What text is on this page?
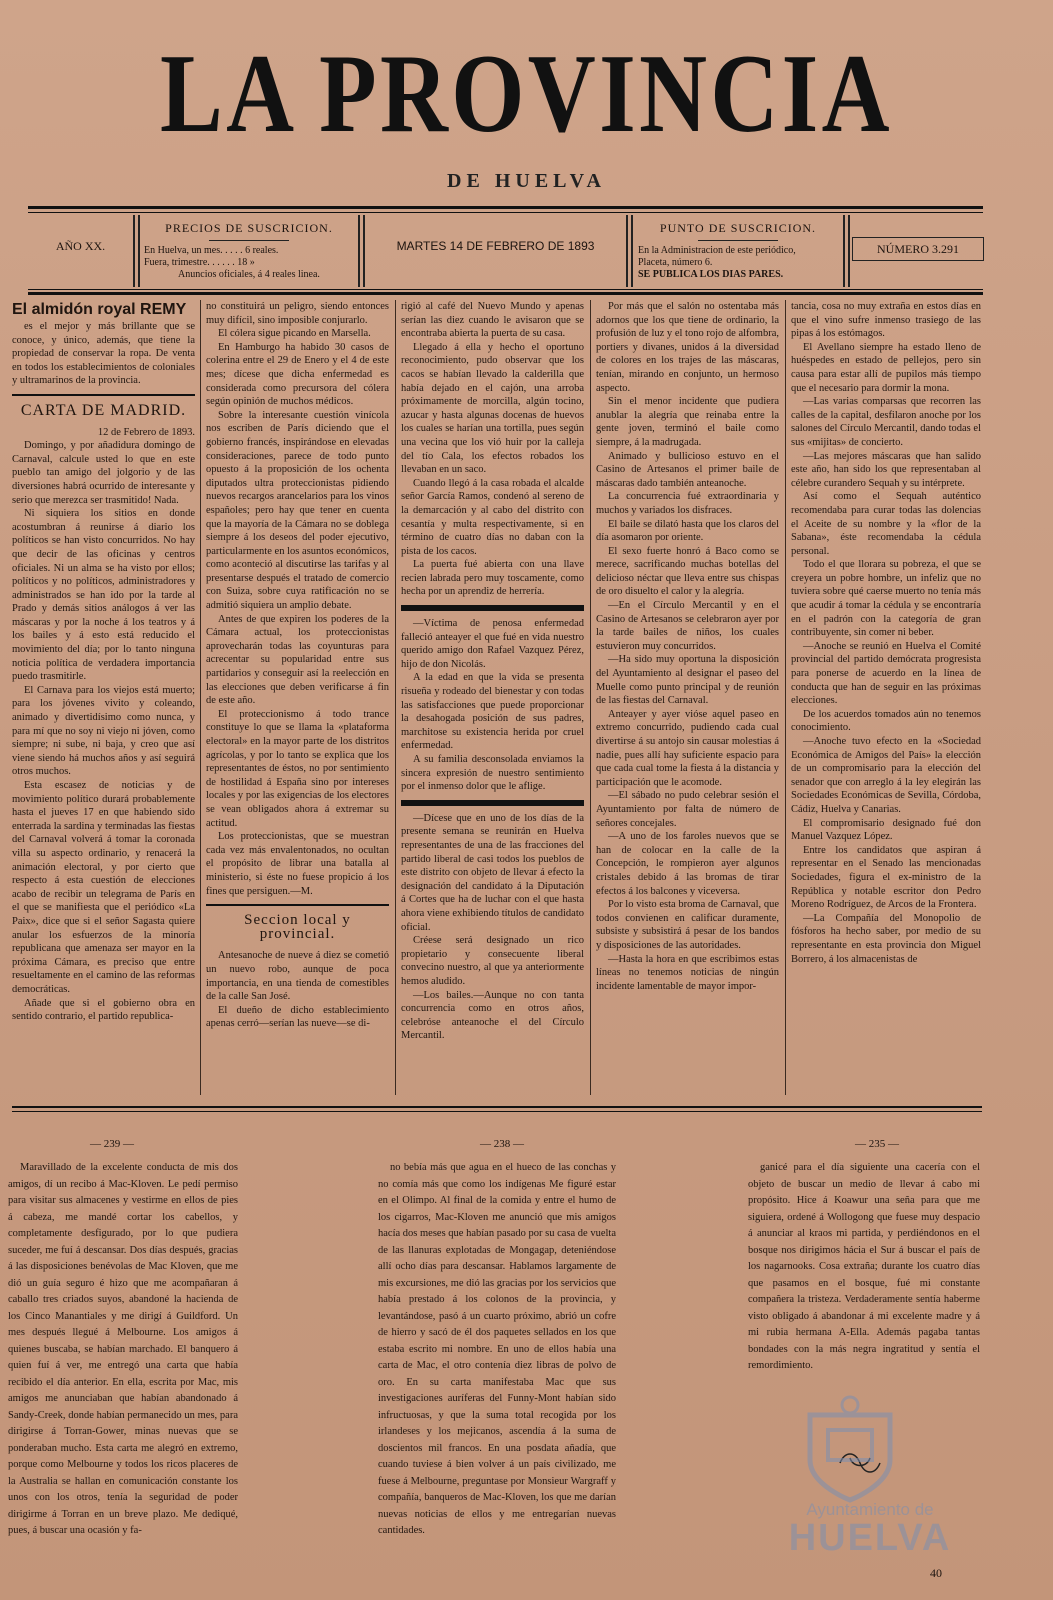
LA PROVINCIA
DE HUELVA
AÑO XX.
PRECIOS DE SUSCRICION.
En Huelva, un mes. . . . . 6 reales.
Fuera, trimestre. . . . . . 18 »
Anuncios oficiales, á 4 reales linea.
MARTES 14 DE FEBRERO DE 1893
PUNTO DE SUSCRICION.
En la Administracion de este periódico,
Placeta, número 6.
SE PUBLICA LOS DIAS PARES.
NÚMERO 3.291
El almidón royal REMY

es el mejor y más brillante que se conoce, y único, además, que tiene la propiedad de conservar la ropa. De venta en todos los establecimientos de coloniales y ultramarinos de la provincia.

CARTA DE MADRID.

12 de Febrero de 1893.

Domingo, y por añadidura domingo de Carnaval, calcule usted lo que en este pueblo tan amigo del jolgorio y de las diversiones habrá ocurrido de interesante y serio que merezca ser trasmitido! Nada.

Ni siquiera los sitios en donde acostumbran á reunirse á diario los políticos se han visto concurridos. No hay que decir de las oficinas y centros oficiales. Ni un alma se ha visto por ellos; políticos y no políticos, administradores y administrados se han ido por la tarde al Prado y demás sitios análogos á ver las máscaras y por la noche á los teatros y á los bailes y á esto está reducido el movimiento del día; por lo tanto ninguna noticia política de verdadera importancia puedo trasmitirle.

El Carnava para los viejos está muerto; para los jóvenes vivito y coleando, animado y divertidísimo como nunca, y para mí que no soy ni viejo ni jóven, como siempre; ni sube, ni baja, y creo que así viene siendo há muchos años y así seguirá otros muchos.

Esta escasez de noticias y de movimiento político durará probablemente hasta el jueves 17 en que habiendo sido enterrada la sardina y terminadas las fiestas del Carnaval volverá á tomar la coronada villa su aspecto ordinario, y renacerá la animación electoral, y por cierto que respecto á esta cuestión de elecciones acabo de recibir un telegrama de París en el que se manifiesta que el periódico «La Paix», dice que si el señor Sagasta quiere anular los esfuerzos de la minoría republicana que amenaza ser mayor en la próxima Cámara, es preciso que entre resueltamente en el camino de las reformas democráticas.

Añade que si el gobierno obra en sentido contrario, el partido republica-

no constituirá un peligro, siendo entonces muy difícil, sino imposible conjurarlo.

El cólera sigue picando en Marsella.

En Hamburgo ha habido 30 casos de colerina entre el 29 de Enero y el 4 de este mes; dícese que dicha enfermedad es considerada como precursora del cólera según opinión de muchos médicos.

Sobre la interesante cuestión vinícola nos escriben de París diciendo que el gobierno francés, inspirándose en elevadas consideraciones, parece de todo punto opuesto á la proposición de los ochenta diputados ultra proteccionistas pidiendo nuevos recargos arancelarios para los vinos españoles; pero hay que tener en cuenta que la mayoría de la Cámara no se doblega siempre á los deseos del poder ejecutivo, particularmente en los asuntos económicos, como aconteció al discutirse las tarifas y al presentarse después el tratado de comercio con Suiza, sobre cuya ratificación no se admitió siquiera un amplio debate.

Antes de que expiren los poderes de la Cámara actual, los proteccionistas aprovecharán todas las coyunturas para acrecentar su popularidad entre sus partidarios y conseguir así la reelección en las elecciones que deben verificarse á fin de este año.

El proteccionismo á todo trance constituye lo que se llama la «plataforma electoral» en la mayor parte de los distritos agrícolas, y por lo tanto se explica que los representantes de éstos, no por sentimiento de hostilidad á España sino por intereses locales y por las exigencias de los electores se vean obligados ahora á extremar su actitud.

Los proteccionistas, que se muestran cada vez más envalentonados, no ocultan el propósito de librar una batalla al ministerio, si éste no fuese propicio á los fines que persiguen.—M.

Seccion local y provincial.

Antesanoche de nueve á diez se cometió un nuevo robo, aunque de poca importancia, en una tienda de comestibles de la calle San José.

El dueño de dicho establecimiento apenas cerró—serían las nueve—se di-

rigió al café del Nuevo Mundo y apenas serían las diez cuando le avisaron que se encontraba abierta la puerta de su casa.

Llegado á ella y hecho el oportuno reconocimiento, pudo observar que los cacos se habían llevado la calderilla que había dejado en el cajón, una arroba próximamente de morcilla, algún tocino, azucar y hasta algunas docenas de huevos los cuales se harían una tortilla, pues según una vecina que los vió huir por la calleja del tío Cala, los efectos robados los llevaban en un saco.

Cuando llegó á la casa robada el alcalde señor García Ramos, condenó al sereno de la demarcación y al cabo del distrito con cesantía y multa respectivamente, si en término de cuatro días no daban con la pista de los cacos.

La puerta fué abierta con una llave recien labrada pero muy toscamente, como hecha por un aprendiz de herrería.

—Víctima de penosa enfermedad falleció anteayer el que fué en vida nuestro querido amigo don Rafael Vazquez Pérez, hijo de don Nicolás.

A la edad en que la vida se presenta risueña y rodeado del bienestar y con todas las satisfacciones que puede proporcionar la desahogada posición de sus padres, marchitose su existencia herida por cruel enfermedad.

A su familia desconsolada enviamos la sincera expresión de nuestro sentimiento por el inmenso dolor que le aflige.

—Dícese que en uno de los días de la presente semana se reunirán en Huelva representantes de una de las fracciones del partido liberal de casi todos los pueblos de este distrito con objeto de llevar á efecto la designación del candidato á la Diputación á Cortes que ha de luchar con el que hasta ahora viene exhibiendo títulos de candidato oficial.

Créese será designado un rico propietario y consecuente liberal convecino nuestro, al que ya anteriormente hemos aludido.

—Los bailes.—Aunque no con tanta concurrencia como en otros años, celebróse anteanoche el del Círculo Mercantil.

Por más que el salón no ostentaba más adornos que los que tiene de ordinario, la profusión de luz y el tono rojo de alfombra, portiers y divanes, unidos á la diversidad de colores en los trajes de las máscaras, tenían, mirando en conjunto, un hermoso aspecto.

Sin el menor incidente que pudiera anublar la alegría que reinaba entre la gente joven, terminó el baile como siempre, á la madrugada.

Animado y bullicioso estuvo en el Casino de Artesanos el primer baile de máscaras dado también anteanoche.

La concurrencia fué extraordinaria y muchos y variados los disfraces.

El baile se dilató hasta que los claros del día asomaron por oriente.

El sexo fuerte honró á Baco como se merece, sacrificando muchas botellas del delicioso néctar que lleva entre sus chispas de oro disuelto el calor y la alegría.

—En el Círculo Mercantil y en el Casino de Artesanos se celebraron ayer por la tarde bailes de niños, los cuales estuvieron muy concurridos.

—Ha sido muy oportuna la disposición del Ayuntamiento al designar el paseo del Muelle como punto principal y de reunión de las fiestas del Carnaval.

Anteayer y ayer vióse aquel paseo en extremo concurrido, pudiendo cada cual divertirse á su antojo sin causar molestias á nadie, pues allí hay suficiente espacio para que cada cual tome la fiesta á la distancia y participación que le acomode.

—El sábado no pudo celebrar sesión el Ayuntamiento por falta de número de señores concejales.

—A uno de los faroles nuevos que se han de colocar en la calle de la Concepción, le rompieron ayer algunos cristales debido á las bromas de tirar efectos á los balcones y viceversa.

Por lo visto esta broma de Carnaval, que todos convienen en calificar duramente, subsiste y subsistirá á pesar de los bandos y disposiciones de las autoridades.

—Hasta la hora en que escribimos estas líneas no tenemos noticias de ningún incidente lamentable de mayor impor-

tancia, cosa no muy extraña en estos días en que el vino sufre inmenso trasiego de las pipas á los estómagos.

El Avellano siempre ha estado lleno de huéspedes en estado de pellejos, pero sin causa para estar allí de pupilos más tiempo que el necesario para dormir la mona.

—Las varias comparsas que recorren las calles de la capital, desfilaron anoche por los salones del Círculo Mercantil, dando todas el sus «mijitas» de concierto.

—Las mejores máscaras que han salido este año, han sido los que representaban al célebre curandero Sequah y su intérprete.

Así como el Sequah auténtico recomendaba para curar todas las dolencias el Aceite de su nombre y la «flor de la Sabana», éste recomendaba la cédula personal.

Todo el que llorara su pobreza, el que se creyera un pobre hombre, un infeliz que no tuviera sobre qué caerse muerto no tenía más que acudir á tomar la cédula y se encontraría en el padrón con la categoría de gran contribuyente, sin comer ni beber.

—Anoche se reunió en Huelva el Comité provincial del partido demócrata progresista para ponerse de acuerdo en la línea de conducta que han de seguir en las próximas elecciones.

De los acuerdos tomados aún no tenemos conocimiento.

—Anoche tuvo efecto en la «Sociedad Económica de Amigos del País» la elección de un compromisario para la elección del senador que con arreglo á la ley elegirán las Sociedades Económicas de Sevilla, Córdoba, Cádiz, Huelva y Canarias.

El compromisario designado fué don Manuel Vazquez López.

Entre los candidatos que aspiran á representar en el Senado las mencionadas Sociedades, figura el ex-ministro de la República y notable escritor don Pedro Moreno Rodríguez, de Arcos de la Frontera.

—La Compañía del Monopolio de fósforos ha hecho saber, por medio de su representante en esta provincia don Miguel Borrero, á los almacenistas de

— 239 —	— 238 —	— 235 —

Maravillado de la excelente conducta de mis dos amigos, dí un recibo á Mac-Kloven. Le pedí permiso para visitar sus almacenes y vestirme en ellos de pies á cabeza, me mandé cortar los cabellos, y completamente desfigurado, por lo que pudiera suceder, me fuí á descansar. Dos días después, gracias á las disposiciones benévolas de Mac Kloven, que me dió un guía seguro é hizo que me acompañaran á caballo tres criados suyos, abandoné la hacienda de los Cinco Manantiales y me dirigí á Guildford. Un mes después llegué á Melbourne. Los amigos á quienes buscaba, se habían marchado. El banquero á quien fuí á ver, me entregó una carta que había recibido el día anterior. En ella, escrita por Mac, mis amigos me anunciaban que habían abandonado á Sandy-Creek, donde habían permanecido un mes, para dirigirse á Torran-Gower, minas nuevas que se ponderaban mucho. Esta carta me alegró en extremo, porque como Melbourne y todos los ricos placeres de la Australia se hallan en comunicación constante los unos con los otros, tenía la seguridad de poder dirigirme á Torran en un breve plazo. Me dediqué, pues, á buscar una ocasión y fa-

no bebía más que agua en el hueco de las conchas y no comía más que como los indígenas Me figuré estar en el Olimpo. Al final de la comida y entre el humo de los cigarros, Mac-Kloven me anunció que mis amigos hacía dos meses que habían pasado por su casa de vuelta de las llanuras explotadas de Mongagap, deteniéndose allí ocho días para descansar. Hablamos largamente de mis excursiones, me dió las gracias por los servicios que había prestado á los colonos de la provincia, y levantándose, pasó á un cuarto próximo, abrió un cofre de hierro y sacó de él dos paquetes sellados en los que estaba escrito mi nombre. En uno de ellos había una carta de Mac, el otro contenía diez libras de polvo de oro. En su carta manifestaba Mac que sus investigaciones auríferas del Funny-Mont habían sido infructuosas, y que la suma total recogida por los irlandeses y los mejicanos, ascendía á la suma de doscientos mil francos. En una posdata añadía, que cuando tuviese á bien volver á un país civilizado, me fuese á Melbourne, preguntase por Monsieur Wargraff y compañía, banqueros de Mac-Kloven, los que me darían nuevas noticias de ellos y me entregarían nuevas cantidades.

ganicé para el día siguiente una cacería con el objeto de buscar un medio de llevar á cabo mi propósito. Hice á Koawur una seña para que me siguiera, ordené á Wollogong que fuese muy despacio á anunciar al kraos mi partida, y perdiéndonos en el bosque nos dirigimos hácia el Sur á buscar el país de los nagarnooks. Cosa extraña; durante los cuatro días que pasamos en el bosque, fué mi constante compañera la tristeza. Verdaderamente sentía haberme visto obligado á abandonar á mi excelente madre y á mi rubia hermana A-Ella. Además pagaba tantas bondades con la más negra ingratitud y sentía el remordimiento.

Ayuntamiento de
HUELVA
40
